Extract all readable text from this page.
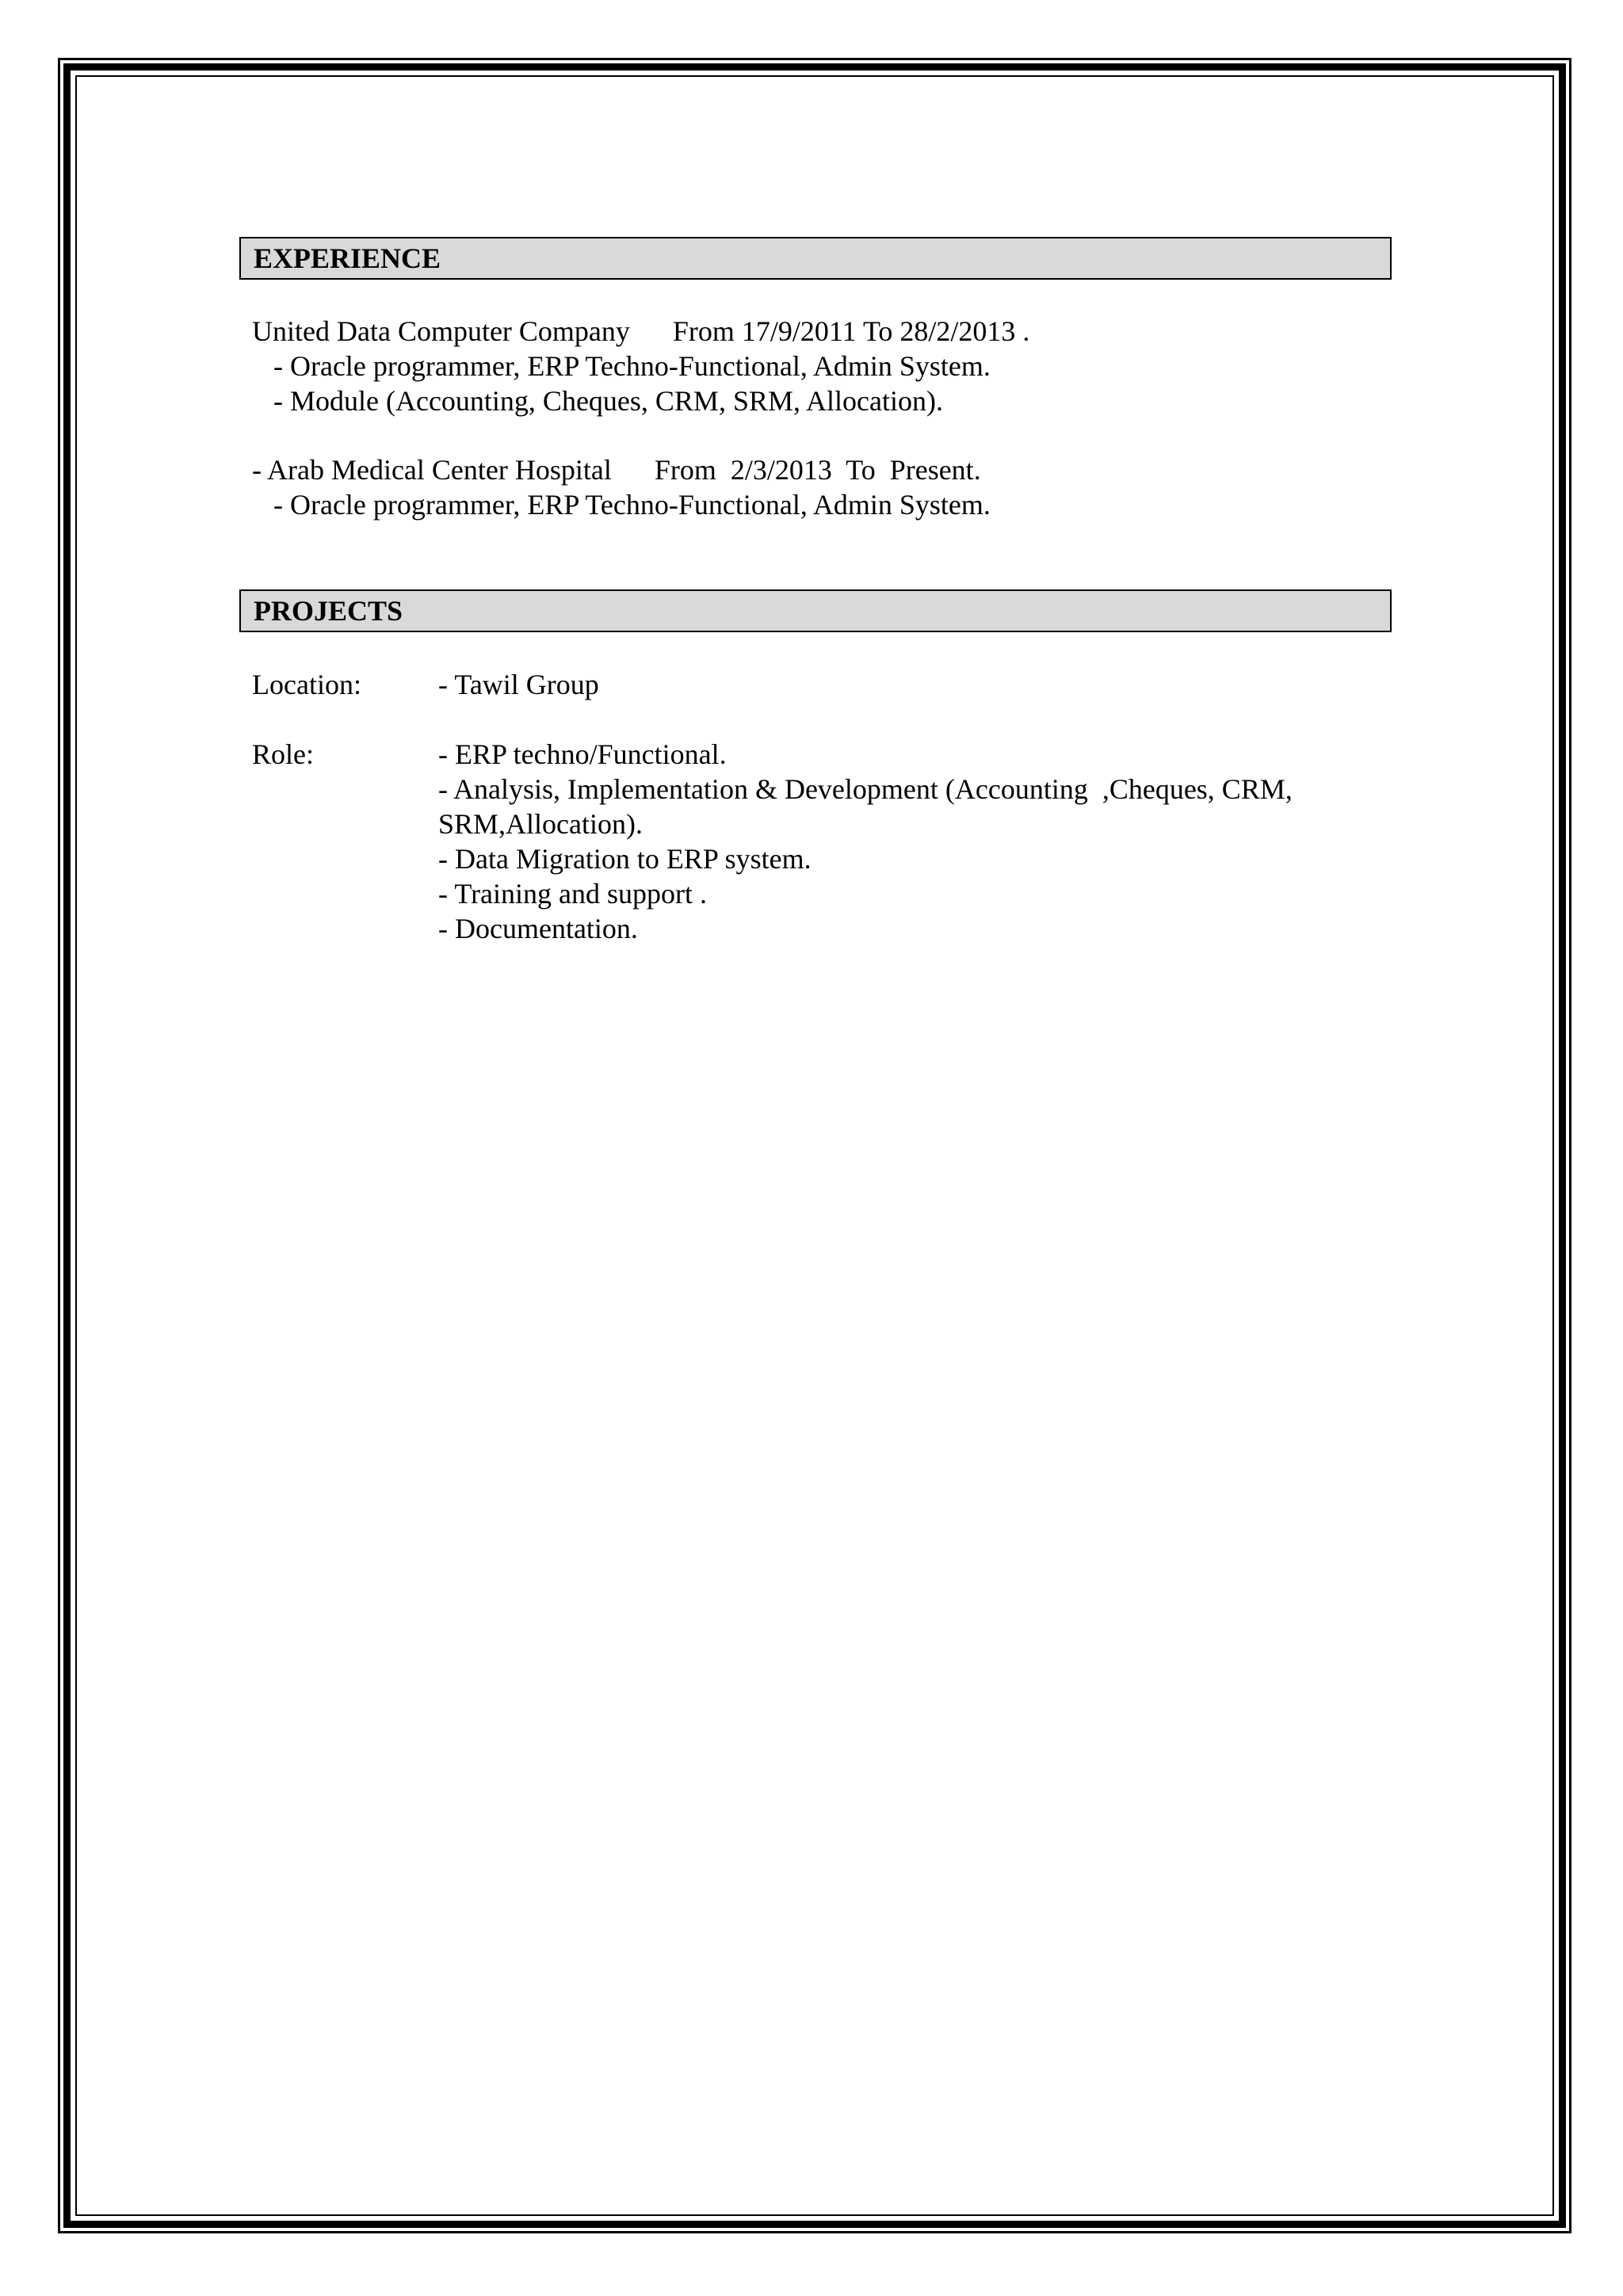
EXPERIENCE
United Data Computer Company      From 17/9/2011 To 28/2/2013 .
- Oracle programmer, ERP Techno-Functional, Admin System.
- Module (Accounting, Cheques, CRM, SRM, Allocation).
- Arab Medical Center Hospital      From  2/3/2013  To  Present.
- Oracle programmer, ERP Techno-Functional, Admin System.
PROJECTS
Location:	- Tawil Group
Role:	- ERP techno/Functional.
- Analysis, Implementation & Development (Accounting  ,Cheques, CRM,
SRM,Allocation).
- Data Migration to ERP system.
- Training and support .
- Documentation.
